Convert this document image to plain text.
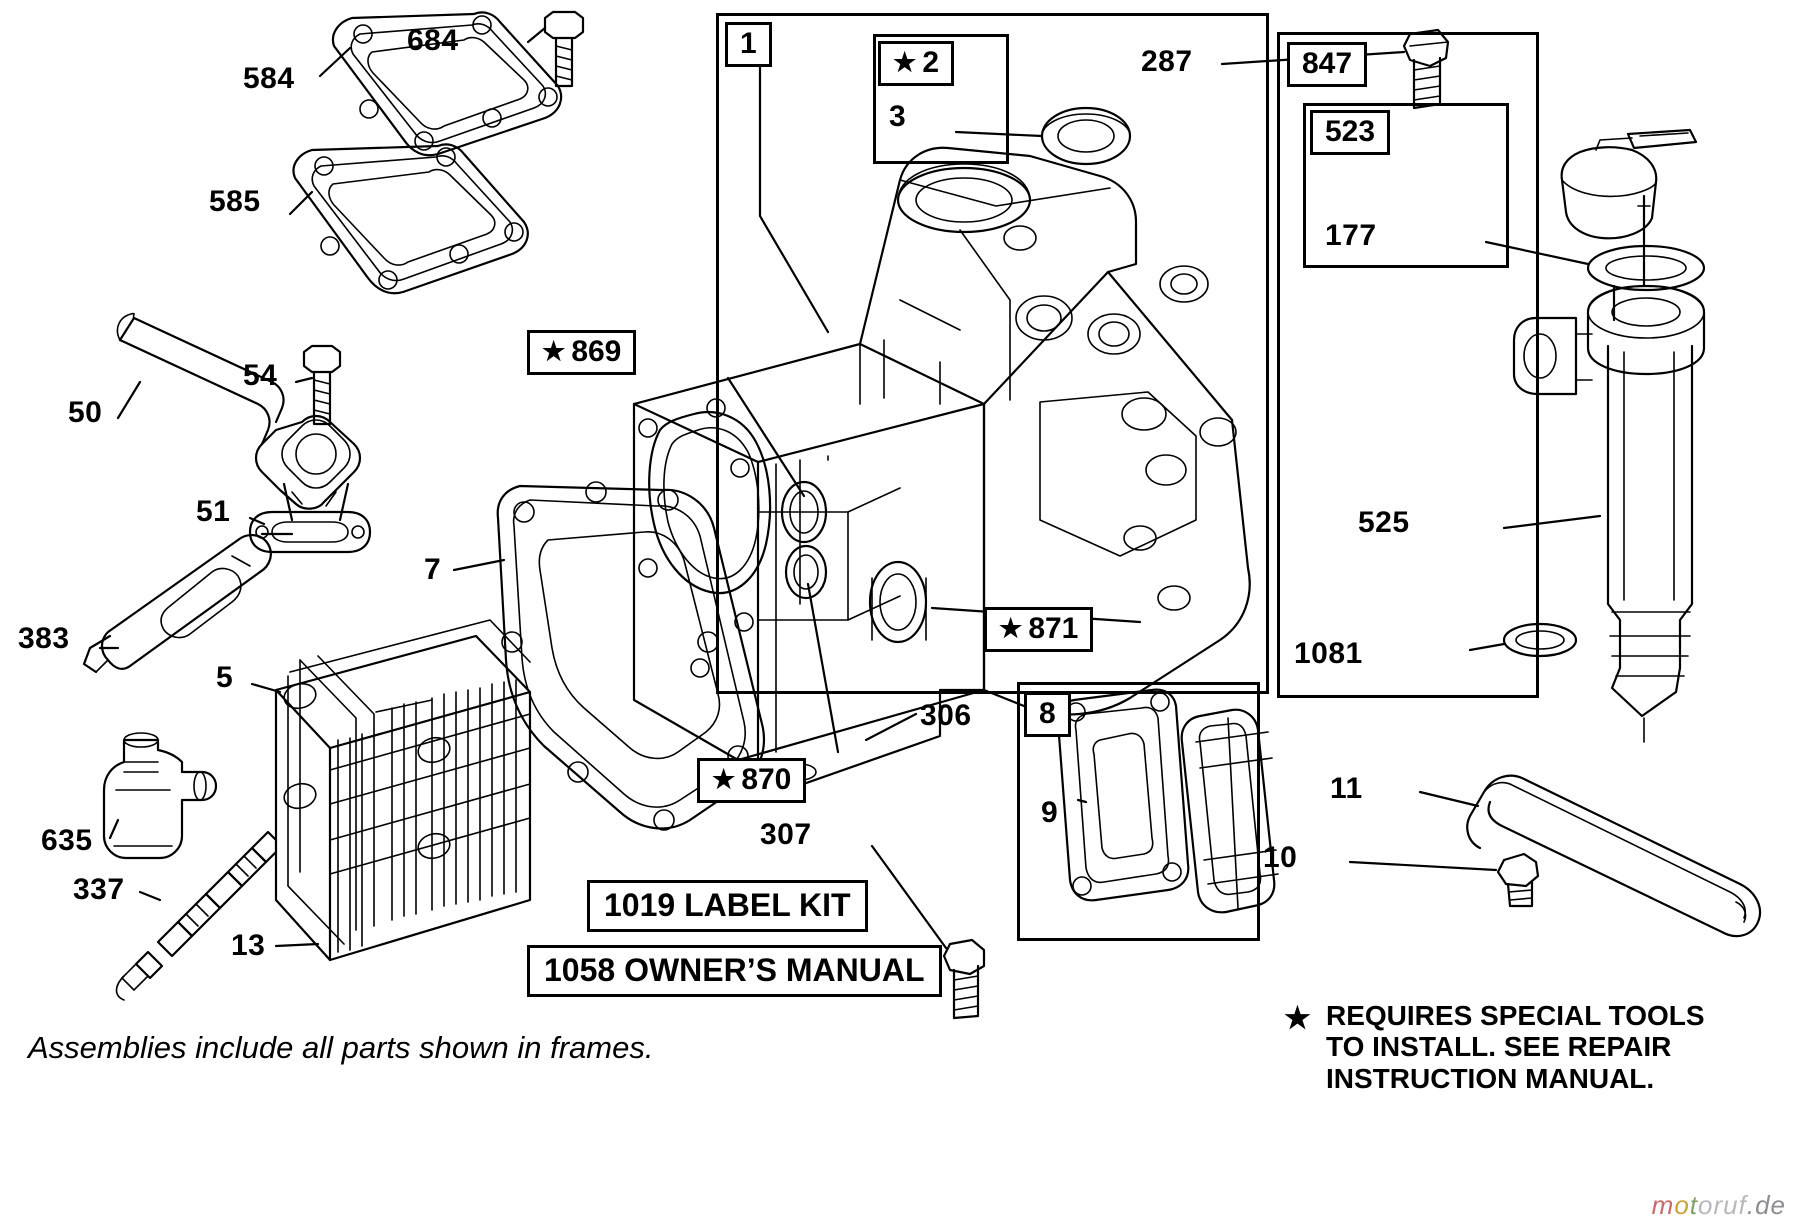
584
684
585
54
50
51
383
5
635
337
13
7
306
307
287
3
9
10
11
177
525
1081
1
★ 2	847
523
★ 869
★ 871
★ 870
8
1019 LABEL KIT
1058 OWNER’S MANUAL
Assemblies include all parts shown in frames.
★ REQUIRES SPECIAL TOOLS
TO INSTALL. SEE REPAIR
INSTRUCTION MANUAL.
motoruf.de
